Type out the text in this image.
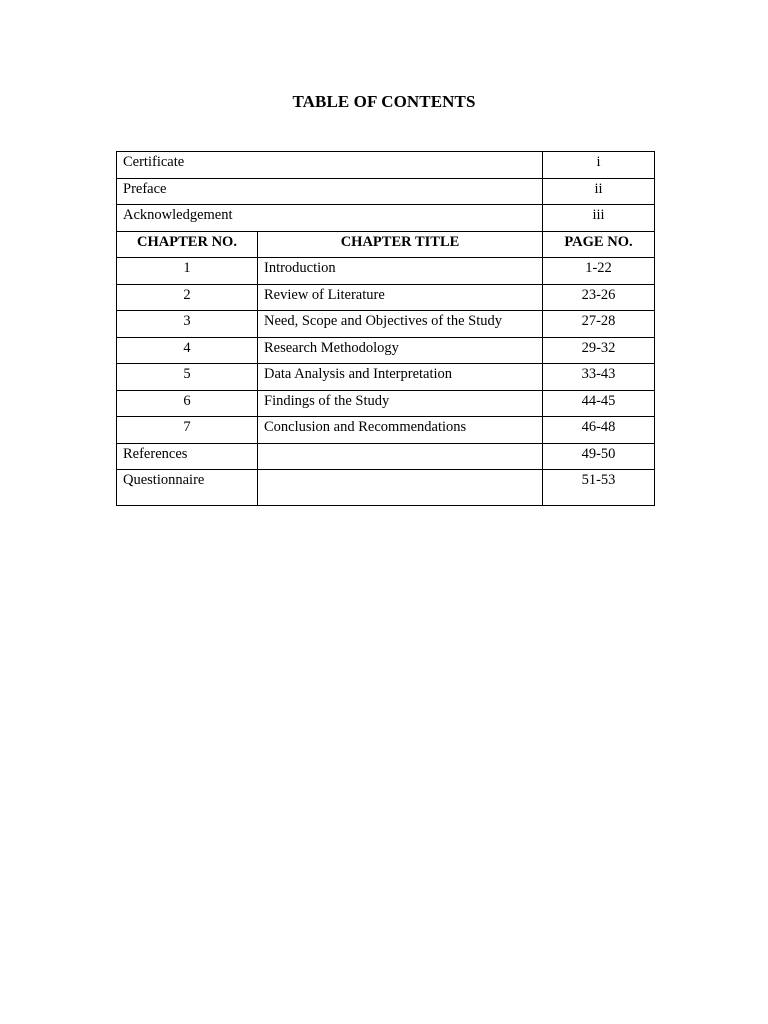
TABLE OF CONTENTS
Certificate		i
Preface		ii
Acknowledgement		iii
CHAPTER NO.	CHAPTER TITLE	PAGE NO.
1	Introduction	1-22
2	Review of Literature	23-26
3	Need, Scope and Objectives of the Study	27-28
4	Research Methodology	29-32
5	Data Analysis and Interpretation	33-43
6	Findings of the Study	44-45
7	Conclusion and Recommendations	46-48
References		49-50
Questionnaire		51-53
